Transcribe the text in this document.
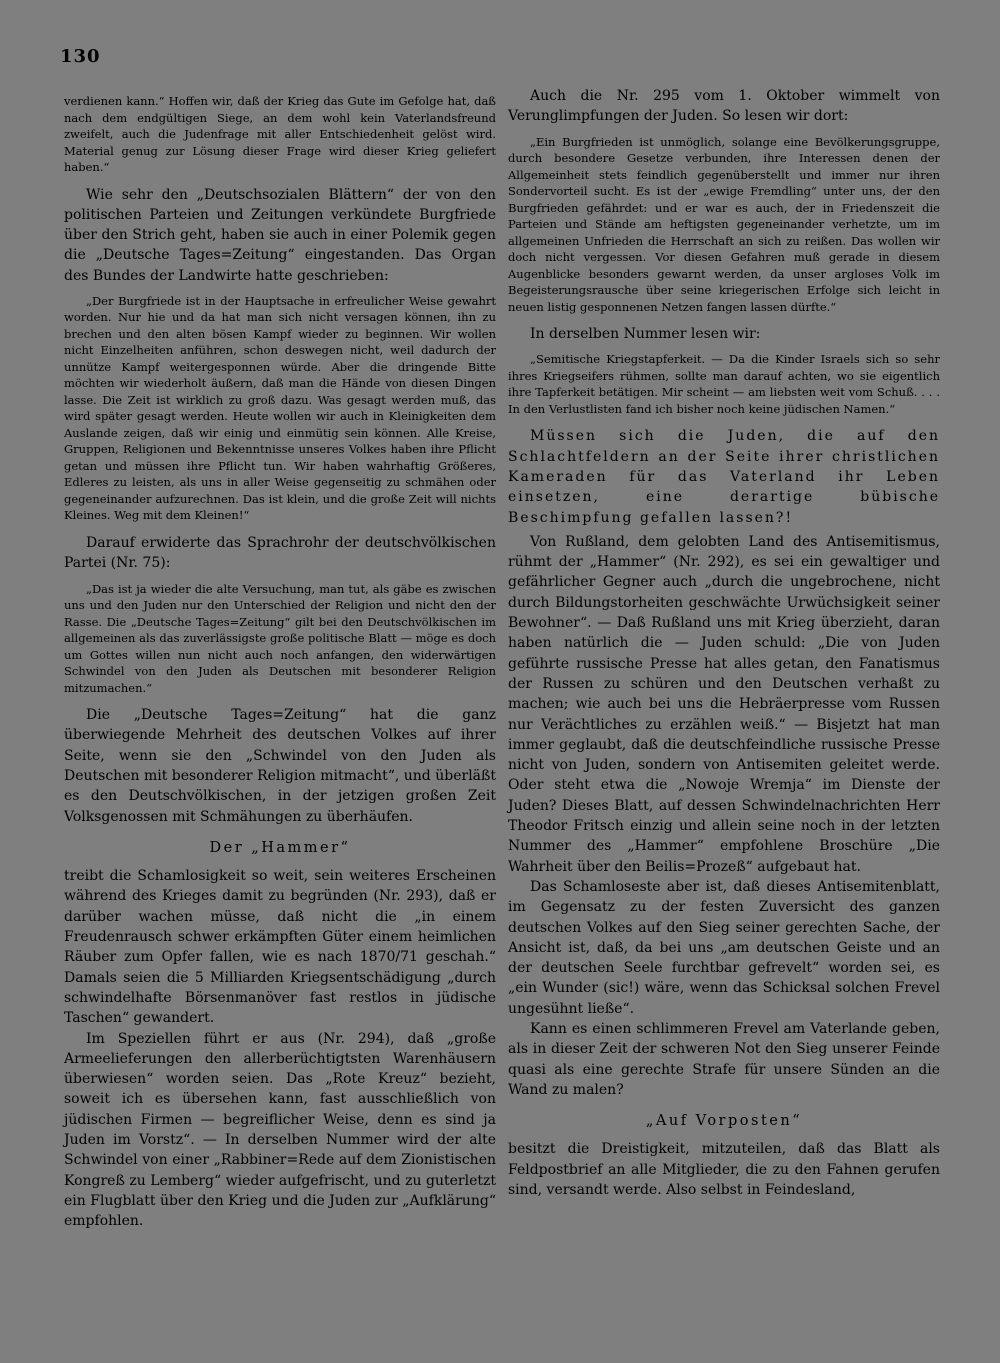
130

verdienen kann.“ Hoffen wir, daß der Krieg das Gute im Gefolge hat, daß nach dem endgültigen Siege, an dem wohl kein Vaterlandsfreund zweifelt, auch die Judenfrage mit aller Entschiedenheit gelöst wird. Material genug zur Lösung dieser Frage wird dieser Krieg geliefert haben.“

Wie sehr den „Deutschsozialen Blättern“ der von den politischen Parteien und Zeitungen verkündete Burgfriede über den Strich geht, haben sie auch in einer Polemik gegen die „Deutsche Tages=Zeitung“ eingestanden. Das Organ des Bundes der Landwirte hatte geschrieben:

„Der Burgfriede ist in der Hauptsache in erfreulicher Weise gewahrt worden. Nur hie und da hat man sich nicht versagen können, ihn zu brechen und den alten bösen Kampf wieder zu beginnen. Wir wollen nicht Einzelheiten anführen, schon deswegen nicht, weil dadurch der unnütze Kampf weitergesponnen würde. Aber die dringende Bitte möchten wir wiederholt äußern, daß man die Hände von diesen Dingen lasse. Die Zeit ist wirklich zu groß dazu. Was gesagt werden muß, das wird später gesagt werden. Heute wollen wir auch in Kleinigkeiten dem Auslande zeigen, daß wir einig und einmütig sein können. Alle Kreise, Gruppen, Religionen und Bekenntnisse unseres Volkes haben ihre Pflicht getan und müssen ihre Pflicht tun. Wir haben wahrhaftig Größeres, Edleres zu leisten, als uns in aller Weise gegenseitig zu schmähen oder gegeneinander aufzurechnen. Das ist klein, und die große Zeit will nichts Kleines. Weg mit dem Kleinen!“

Darauf erwiderte das Sprachrohr der deutschvölkischen Partei (Nr. 75):

„Das ist ja wieder die alte Versuchung, man tut, als gäbe es zwischen uns und den Juden nur den Unterschied der Religion und nicht den der Rasse. Die „Deutsche Tages=Zeitung“ gilt bei den Deutschvölkischen im allgemeinen als das zuverlässigste große politische Blatt — möge es doch um Gottes willen nun nicht auch noch anfangen, den widerwärtigen Schwindel von den Juden als Deutschen mit besonderer Religion mitzumachen.“

Die „Deutsche Tages=Zeitung“ hat die ganz überwiegende Mehrheit des deutschen Volkes auf ihrer Seite, wenn sie den „Schwindel von den Juden als Deutschen mit besonderer Religion mitmacht“, und überläßt es den Deutschvölkischen, in der jetzigen großen Zeit Volksgenossen mit Schmähungen zu überhäufen.

Der „Hammer“

treibt die Schamlosigkeit so weit, sein weiteres Erscheinen während des Krieges damit zu begründen (Nr. 293), daß er darüber wachen müsse, daß nicht die „in einem Freudenrausch schwer erkämpften Güter einem heimlichen Räuber zum Opfer fallen, wie es nach 1870/71 geschah.“ Damals seien die 5 Milliarden Kriegsentschädigung „durch schwindelhafte Börsenmanöver fast restlos in jüdische Taschen“ gewandert.

Im Speziellen führt er aus (Nr. 294), daß „große Armeelieferungen den allerberüchtigtsten Warenhäusern überwiesen“ worden seien. Das „Rote Kreuz“ bezieht, soweit ich es übersehen kann, fast ausschließlich von jüdischen Firmen — begreiflicher Weise, denn es sind ja Juden im Vorstz“. — In derselben Nummer wird der alte Schwindel von einer „Rabbiner=Rede auf dem Zionistischen Kongreß zu Lemberg“ wieder aufgefrischt, und zu guterletzt ein Flugblatt über den Krieg und die Juden zur „Aufklärung“ empfohlen.

Auch die Nr. 295 vom 1. Oktober wimmelt von Verunglimpfungen der Juden. So lesen wir dort:

„Ein Burgfrieden ist unmöglich, solange eine Bevölkerungsgruppe, durch besondere Gesetze verbunden, ihre Interessen denen der Allgemeinheit stets feindlich gegenüberstellt und immer nur ihren Sondervorteil sucht. Es ist der „ewige Fremdling“ unter uns, der den Burgfrieden gefährdet: und er war es auch, der in Friedenszeit die Parteien und Stände am heftigsten gegeneinander verhetzte, um im allgemeinen Unfrieden die Herrschaft an sich zu reißen. Das wollen wir doch nicht vergessen. Vor diesen Gefahren muß gerade in diesem Augenblicke besonders gewarnt werden, da unser argloses Volk im Begeisterungsrausche über seine kriegerischen Erfolge sich leicht in neuen listig gesponnenen Netzen fangen lassen dürfte.“

In derselben Nummer lesen wir:

„Semitische Kriegstapferkeit. — Da die Kinder Israels sich so sehr ihres Kriegseifers rühmen, sollte man darauf achten, wo sie eigentlich ihre Tapferkeit betätigen. Mir scheint — am liebsten weit vom Schuß. . . . In den Verlustlisten fand ich bisher noch keine jüdischen Namen.“

Müssen sich die Juden, die auf den Schlachtfeldern an der Seite ihrer christlichen Kameraden für das Vaterland ihr Leben einsetzen, eine derartige bübische Beschimpfung gefallen lassen?!

Von Rußland, dem gelobten Land des Antisemitismus, rühmt der „Hammer“ (Nr. 292), es sei ein gewaltiger und gefährlicher Gegner auch „durch die ungebrochene, nicht durch Bildungstorheiten geschwächte Urwüchsigkeit seiner Bewohner“. — Daß Rußland uns mit Krieg überzieht, daran haben natürlich die — Juden schuld: „Die von Juden geführte russische Presse hat alles getan, den Fanatismus der Russen zu schüren und den Deutschen verhaßt zu machen; wie auch bei uns die Hebräerpresse vom Russen nur Verächtliches zu erzählen weiß.“ — Bisjetzt hat man immer geglaubt, daß die deutschfeindliche russische Presse nicht von Juden, sondern von Antisemiten geleitet werde. Oder steht etwa die „Nowoje Wremja“ im Dienste der Juden? Dieses Blatt, auf dessen Schwindelnachrichten Herr Theodor Fritsch einzig und allein seine noch in der letzten Nummer des „Hammer“ empfohlene Broschüre „Die Wahrheit über den Beilis=Prozeß“ aufgebaut hat.

Das Schamloseste aber ist, daß dieses Antisemitenblatt, im Gegensatz zu der festen Zuversicht des ganzen deutschen Volkes auf den Sieg seiner gerechten Sache, der Ansicht ist, daß, da bei uns „am deutschen Geiste und an der deutschen Seele furchtbar gefrevelt“ worden sei, es „ein Wunder (sic!) wäre, wenn das Schicksal solchen Frevel ungesühnt ließe“.

Kann es einen schlimmeren Frevel am Vaterlande geben, als in dieser Zeit der schweren Not den Sieg unserer Feinde quasi als eine gerechte Strafe für unsere Sünden an die Wand zu malen?

„Auf Vorposten“

besitzt die Dreistigkeit, mitzuteilen, daß das Blatt als Feldpostbrief an alle Mitglieder, die zu den Fahnen gerufen sind, versandt werde. Also selbst in Feindesland,
